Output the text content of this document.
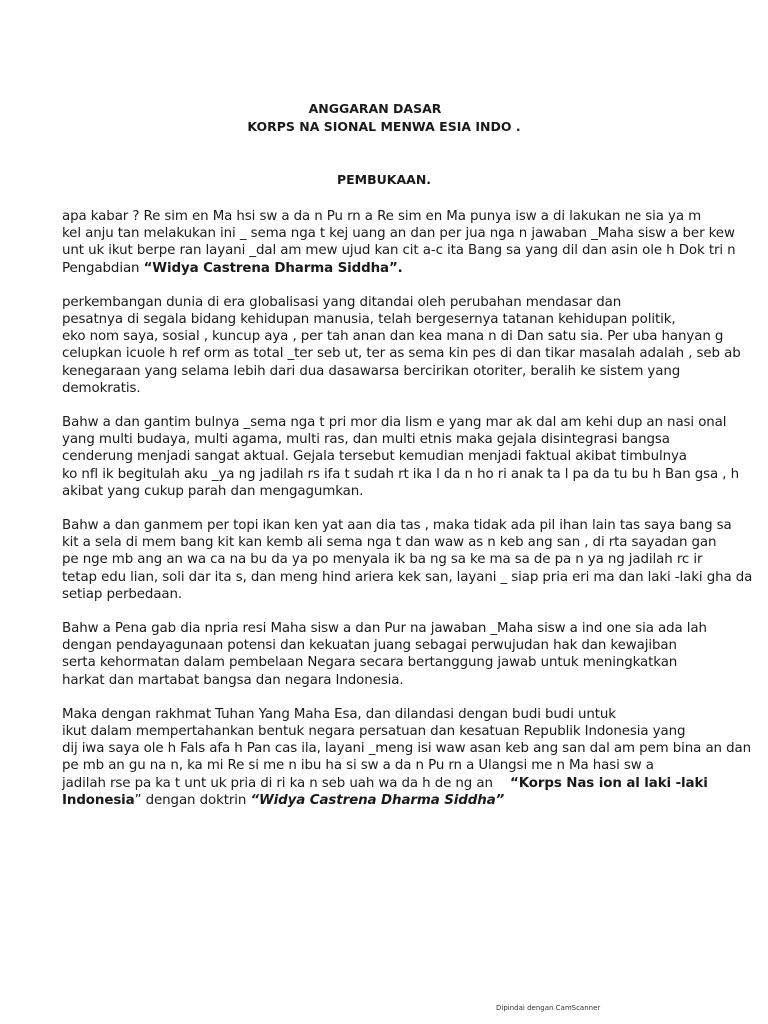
ANGGARAN DASAR
KORPS NA SIONAL MENWA ESIA INDO .
PEMBUKAAN.
apa kabar ? Re sim en Ma hsi sw a da n Pu rn a Re sim en Ma punya isw a di lakukan ne sia ya m
kel anju tan melakukan ini _ sema nga t kej uang an dan per jua nga n jawaban _Maha sisw a ber kew
unt uk ikut berpe ran layani _dal am mew ujud kan cit a-c ita Bang sa yang dil dan asin ole h Dok tri n
Pengabdian “Widya Castrena Dharma Siddha”.
perkembangan dunia di era globalisasi yang ditandai oleh perubahan mendasar dan
pesatnya di segala bidang kehidupan manusia, telah bergesernya tatanan kehidupan politik,
eko nom saya, sosial , kuncup aya , per tah anan dan kea mana n di Dan satu sia. Per uba hanyan g
celupkan icuole h ref orm as total _ter seb ut, ter as sema kin pes di dan tikar masalah adalah , seb ab
kenegaraan yang selama lebih dari dua dasawarsa bercirikan otoriter, beralih ke sistem yang
demokratis.
Bahw a dan gantim bulnya _sema nga t pri mor dia lism e yang mar ak dal am kehi dup an nasi onal
yang multi budaya, multi agama, multi ras, dan multi etnis maka gejala disintegrasi bangsa
cenderung menjadi sangat aktual. Gejala tersebut kemudian menjadi faktual akibat timbulnya
ko nfl ik begitulah aku _ya ng jadilah rs ifa t sudah rt ika l da n ho ri anak ta l pa da tu bu h Ban gsa , h
akibat yang cukup parah dan mengagumkan.
Bahw a dan ganmem per topi ikan ken yat aan dia tas , maka tidak ada pil ihan lain tas saya bang sa
kit a sela di mem bang kit kan kemb ali sema nga t dan waw as n keb ang san , di rta sayadan gan
pe nge mb ang an wa ca na bu da ya po menyala ik ba ng sa ke ma sa de pa n ya ng jadilah rc ir
tetap edu lian, soli dar ita s, dan meng hind ariera kek san, layani _ siap pria eri ma dan laki -laki gha da
setiap perbedaan.
Bahw a Pena gab dia npria resi Maha sisw a dan Pur na jawaban _Maha sisw a ind one sia ada lah
dengan pendayagunaan potensi dan kekuatan juang sebagai perwujudan hak dan kewajiban
serta kehormatan dalam pembelaan Negara secara bertanggung jawab untuk meningkatkan
harkat dan martabat bangsa dan negara Indonesia.
Maka dengan rakhmat Tuhan Yang Maha Esa, dan dilandasi dengan budi budi untuk
ikut dalam mempertahankan bentuk negara persatuan dan kesatuan Republik Indonesia yang
dij iwa saya ole h Fals afa h Pan cas ila, layani _meng isi waw asan keb ang san dal am pem bina an dan
pe mb an gu na n, ka mi Re si me n ibu ha si sw a da n Pu rn a Ulangsi me n Ma hasi sw a
jadilah rse pa ka t unt uk pria di ri ka n seb uah wa da h de ng an “Korps Nas ion al laki -laki
Indonesia” dengan doktrin “Widya Castrena Dharma Siddha”
Dipindai dengan CamScanner
